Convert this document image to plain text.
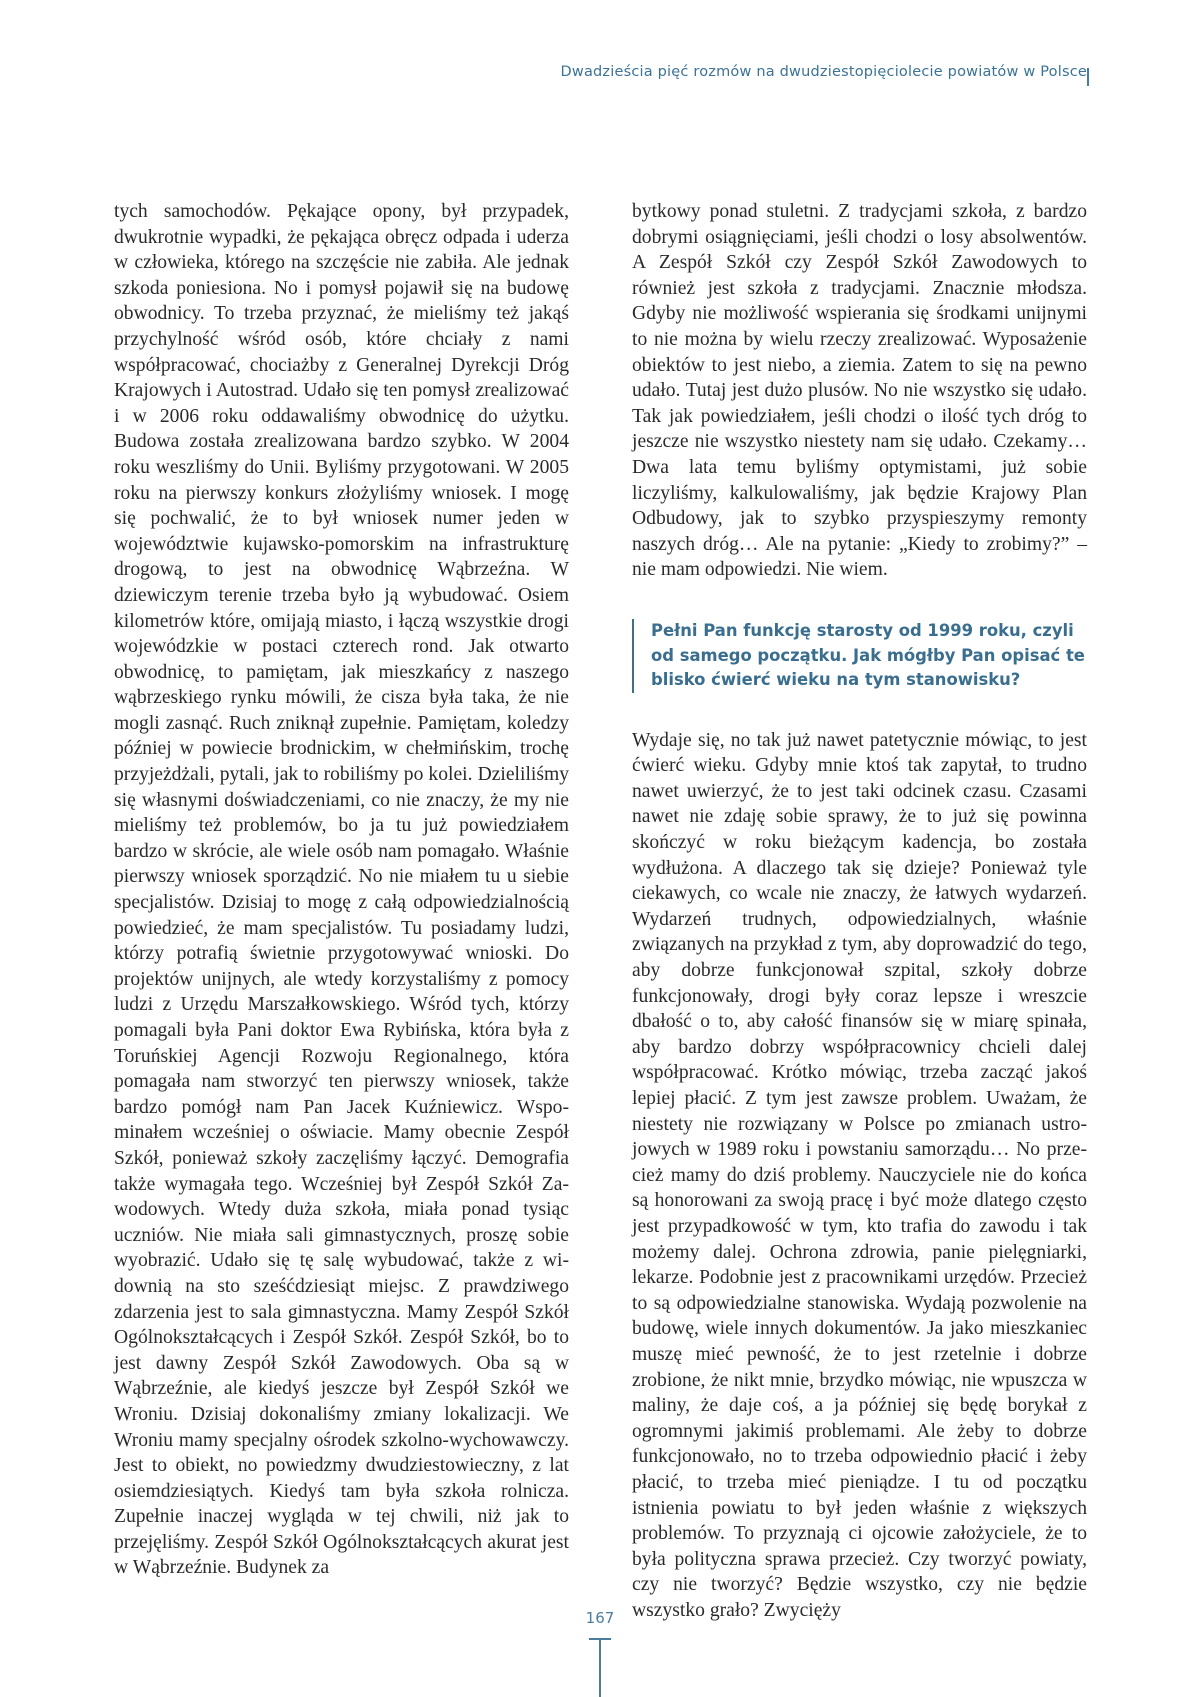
Dwadzieścia pięć rozmów na dwudziestopięciolecie powiatów w Polsce

tych samochodów. Pękające opony, był przypadek, dwukrotnie wypadki, że pękająca obręcz odpada i uderza w człowieka, którego na szczęście nie zabiła. Ale jednak szkoda poniesiona. No i pomysł pojawił się na budowę obwodnicy. To trzeba przyznać, że mieliśmy też jakąś przychylność wśród osób, które chciały z nami współpracować, chociażby z Generalnej Dyrekcji Dróg Krajowych i Autostrad. Udało się ten pomysł zrealizować i w 2006 roku oddawaliśmy obwodnicę do użytku. Budowa została zrealizowana bardzo szybko. W 2004 roku weszliśmy do Unii. Byliśmy przygotowani. W 2005 roku na pierwszy konkurs złożyliśmy wniosek. I mogę się pochwalić, że to był wniosek numer jeden w województwie kujawsko-pomorskim na infrastrukturę drogową, to jest na obwodnicę Wąbrzeźna. W dziewiczym terenie trzeba było ją wybudować. Osiem kilometrów które, omijają miasto, i łączą wszystkie drogi wojewódzkie w postaci czterech rond. Jak otwarto obwodnicę, to pamiętam, jak mieszkańcy z naszego wąbrzeskiego rynku mówili, że cisza była taka, że nie mogli zasnąć. Ruch zniknął zupełnie. Pamiętam, koledzy później w powiecie brodnickim, w chełmińskim, trochę przyjeżdżali, pytali, jak to robiliśmy po kolei. Dzieliliśmy się własnymi doświadczeniami, co nie znaczy, że my nie mieliśmy też problemów, bo ja tu już powiedziałem bardzo w skrócie, ale wiele osób nam pomagało. Właśnie pierwszy wniosek sporządzić. No nie miałem tu u siebie specjalistów. Dzisiaj to mogę z całą odpowiedzialnością powiedzieć, że mam specjalistów. Tu posiadamy ludzi, którzy potrafią świetnie przygotowywać wnioski. Do projektów unijnych, ale wtedy korzystaliśmy z pomocy ludzi z Urzędu Marszałkowskiego. Wśród tych, którzy pomagali była Pani doktor Ewa Rybińska, która była z Toruńskiej Agencji Rozwoju Regionalnego, która pomagała nam stworzyć ten pierwszy wniosek, także bardzo pomógł nam Pan Jacek Kuźniewicz. Wspominałem wcześniej o oświacie. Mamy obecnie Zespół Szkół, ponieważ szkoły zaczęliśmy łączyć. Demografia także wymagała tego. Wcześniej był Zespół Szkół Zawodowych. Wtedy duża szkoła, miała ponad tysiąc uczniów. Nie miała sali gimnastycznych, proszę sobie wyobrazić. Udało się tę salę wybudować, także z widownią na sto sześćdziesiąt miejsc. Z prawdziwego zdarzenia jest to sala gimnastyczna. Mamy Zespół Szkół Ogólnokształcących i Zespół Szkół. Zespół Szkół, bo to jest dawny Zespół Szkół Zawodowych. Oba są w Wąbrzeźnie, ale kiedyś jeszcze był Zespół Szkół we Wroniu. Dzisiaj dokonaliśmy zmiany lokalizacji. We Wroniu mamy specjalny ośrodek szkolno-wychowawczy. Jest to obiekt, no powiedzmy dwudziestowieczny, z lat osiemdziesiątych. Kiedyś tam była szkoła rolnicza. Zupełnie inaczej wygląda w tej chwili, niż jak to przejęliśmy. Zespół Szkół Ogólnokształcących akurat jest w Wąbrzeźnie. Budynek za

bytkowy ponad stuletni. Z tradycjami szkoła, z bardzo dobrymi osiągnięciami, jeśli chodzi o losy absolwentów. A Zespół Szkół czy Zespół Szkół Zawodowych to również jest szkoła z tradycjami. Znacznie młodsza. Gdyby nie możliwość wspierania się środkami unijnymi to nie można by wielu rzeczy zrealizować. Wyposażenie obiektów to jest niebo, a ziemia. Zatem to się na pewno udało. Tutaj jest dużo plusów. No nie wszystko się udało. Tak jak powiedziałem, jeśli chodzi o ilość tych dróg to jeszcze nie wszystko niestety nam się udało. Czekamy… Dwa lata temu byliśmy optymistami, już sobie liczyliśmy, kalkulowaliśmy, jak będzie Krajowy Plan Odbudowy, jak to szybko przyspieszymy remonty naszych dróg… Ale na pytanie: „Kiedy to zrobimy?” – nie mam odpowiedzi. Nie wiem.

Pełni Pan funkcję starosty od 1999 roku, czyli od samego początku. Jak mógłby Pan opisać te blisko ćwierć wieku na tym stanowisku?

Wydaje się, no tak już nawet patetycznie mówiąc, to jest ćwierć wieku. Gdyby mnie ktoś tak zapytał, to trudno nawet uwierzyć, że to jest taki odcinek czasu. Czasami nawet nie zdaję sobie sprawy, że to już się powinna skończyć w roku bieżącym kadencja, bo została wydłużona. A dlaczego tak się dzieje? Ponieważ tyle ciekawych, co wcale nie znaczy, że łatwych wydarzeń. Wydarzeń trudnych, odpowiedzialnych, właśnie związanych na przykład z tym, aby doprowadzić do tego, aby dobrze funkcjonował szpital, szkoły dobrze funkcjonowały, drogi były coraz lepsze i wreszcie dbałość o to, aby całość finansów się w miarę spinała, aby bardzo dobrzy współpracownicy chcieli dalej współpracować. Krótko mówiąc, trzeba zacząć jakoś lepiej płacić. Z tym jest zawsze problem. Uważam, że niestety nie rozwiązany w Polsce po zmianach ustrojowych w 1989 roku i powstaniu samorządu… No przecież mamy do dziś problemy. Nauczyciele nie do końca są honorowani za swoją pracę i być może dlatego często jest przypadkowość w tym, kto trafia do zawodu i tak możemy dalej. Ochrona zdrowia, panie pielęgniarki, lekarze. Podobnie jest z pracownikami urzędów. Przecież to są odpowiedzialne stanowiska. Wydają pozwolenie na budowę, wiele innych dokumentów. Ja jako mieszkaniec muszę mieć pewność, że to jest rzetelnie i dobrze zrobione, że nikt mnie, brzydko mówiąc, nie wpuszcza w maliny, że daje coś, a ja później się będę borykał z ogromnymi jakimiś problemami. Ale żeby to dobrze funkcjonowało, no to trzeba odpowiednio płacić i żeby płacić, to trzeba mieć pieniądze. I tu od początku istnienia powiatu to był jeden właśnie z większych problemów. To przyznają ci ojcowie założyciele, że to była polityczna sprawa przecież. Czy tworzyć powiaty, czy nie tworzyć? Będzie wszystko, czy nie będzie wszystko grało? Zwycięży

167
